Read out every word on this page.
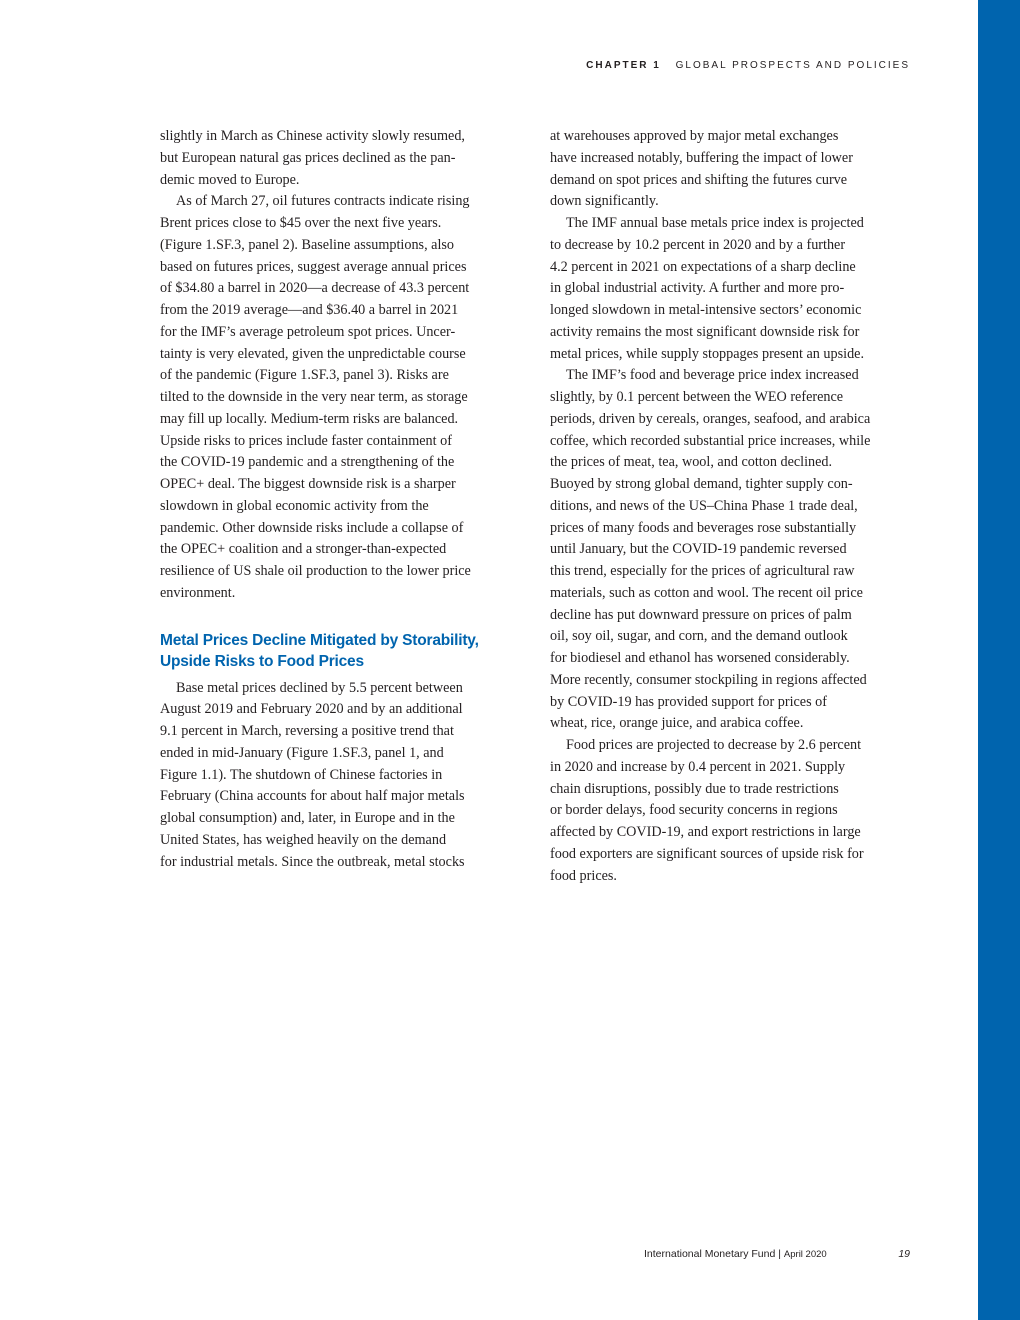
CHAPTER 1 GLOBAL PROSPECTS AND POLICIES
slightly in March as Chinese activity slowly resumed,
but European natural gas prices declined as the pan-
demic moved to Europe.
As of March 27, oil futures contracts indicate rising
Brent prices close to $45 over the next five years.
(Figure 1.SF.3, panel 2). Baseline assumptions, also
based on futures prices, suggest average annual prices
of $34.80 a barrel in 2020—a decrease of 43.3 percent
from the 2019 average—and $36.40 a barrel in 2021
for the IMF’s average petroleum spot prices. Uncer-
tainty is very elevated, given the unpredictable course
of the pandemic (Figure 1.SF.3, panel 3). Risks are
tilted to the downside in the very near term, as storage
may fill up locally. Medium-term risks are balanced.
Upside risks to prices include faster containment of
the COVID-19 pandemic and a strengthening of the
OPEC+ deal. The biggest downside risk is a sharper
slowdown in global economic activity from the
pandemic. Other downside risks include a collapse of
the OPEC+ coalition and a stronger-than-expected
resilience of US shale oil production to the lower price
environment.
Metal Prices Decline Mitigated by Storability,
Upside Risks to Food Prices
Base metal prices declined by 5.5 percent between
August 2019 and February 2020 and by an additional
9.1 percent in March, reversing a positive trend that
ended in mid-January (Figure 1.SF.3, panel 1, and
Figure 1.1). The shutdown of Chinese factories in
February (China accounts for about half major metals
global consumption) and, later, in Europe and in the
United States, has weighed heavily on the demand
for industrial metals. Since the outbreak, metal stocks
at warehouses approved by major metal exchanges
have increased notably, buffering the impact of lower
demand on spot prices and shifting the futures curve
down significantly.
The IMF annual base metals price index is projected
to decrease by 10.2 percent in 2020 and by a further
4.2 percent in 2021 on expectations of a sharp decline
in global industrial activity. A further and more pro-
longed slowdown in metal-intensive sectors’ economic
activity remains the most significant downside risk for
metal prices, while supply stoppages present an upside.
The IMF’s food and beverage price index increased
slightly, by 0.1 percent between the WEO reference
periods, driven by cereals, oranges, seafood, and arabica
coffee, which recorded substantial price increases, while
the prices of meat, tea, wool, and cotton declined.
Buoyed by strong global demand, tighter supply con-
ditions, and news of the US–China Phase 1 trade deal,
prices of many foods and beverages rose substantially
until January, but the COVID-19 pandemic reversed
this trend, especially for the prices of agricultural raw
materials, such as cotton and wool. The recent oil price
decline has put downward pressure on prices of palm
oil, soy oil, sugar, and corn, and the demand outlook
for biodiesel and ethanol has worsened considerably.
More recently, consumer stockpiling in regions affected
by COVID-19 has provided support for prices of
wheat, rice, orange juice, and arabica coffee.
Food prices are projected to decrease by 2.6 percent
in 2020 and increase by 0.4 percent in 2021. Supply
chain disruptions, possibly due to trade restrictions
or border delays, food security concerns in regions
affected by COVID-19, and export restrictions in large
food exporters are significant sources of upside risk for
food prices.
International Monetary Fund | April 2020	19
